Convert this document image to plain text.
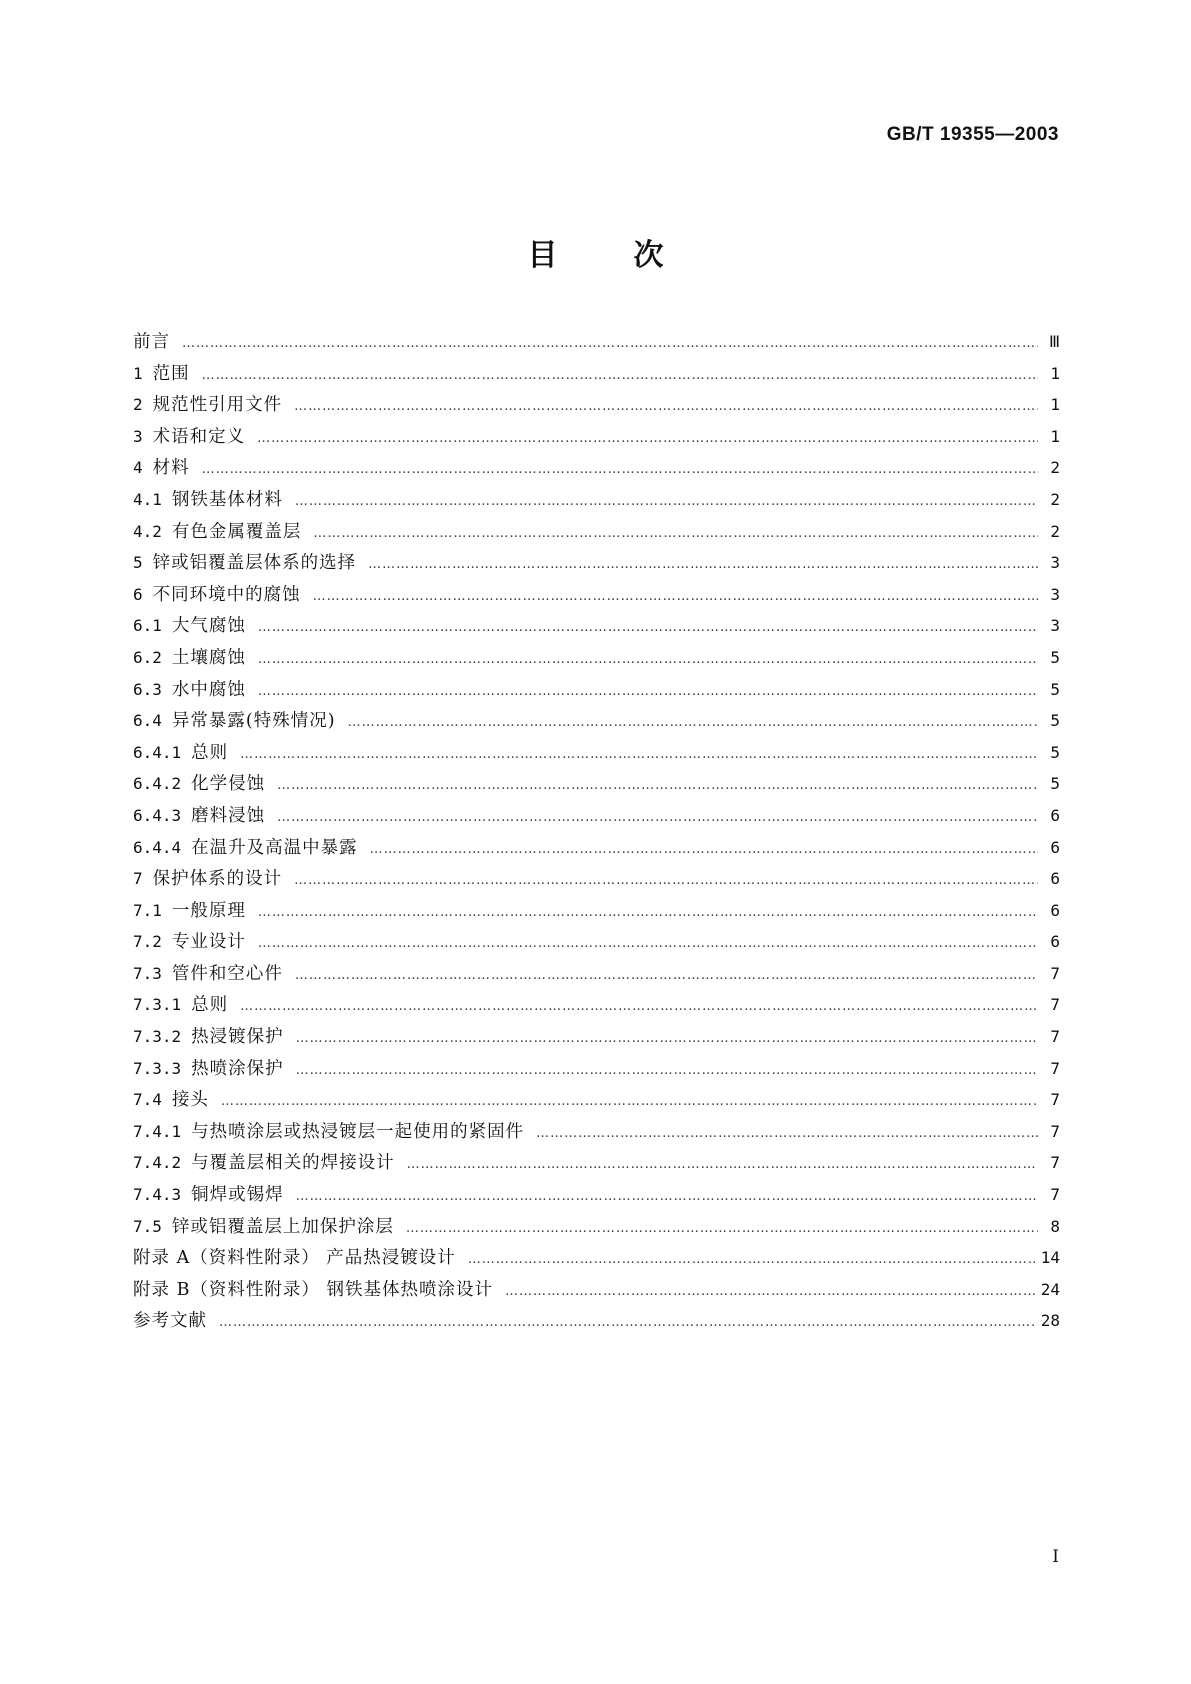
GB/T 19355—2003
目	次
前言 ……………………………………………………………………………………………………………………………………………………………………………………	Ⅲ
1 范围 ……………………………………………………………………………………………………………………………………………………………………………………	1
2 规范性引用文件 ……………………………………………………………………………………………………………………………………………………………………………………	1
3 术语和定义 ……………………………………………………………………………………………………………………………………………………………………………………	1
4 材料 ……………………………………………………………………………………………………………………………………………………………………………………	2
4.1 钢铁基体材料 ……………………………………………………………………………………………………………………………………………………………………………………	2
4.2 有色金属覆盖层 ……………………………………………………………………………………………………………………………………………………………………………………	2
5 锌或铝覆盖层体系的选择 ……………………………………………………………………………………………………………………………………………………………………………………	3
6 不同环境中的腐蚀 ……………………………………………………………………………………………………………………………………………………………………………………	3
6.1 大气腐蚀 ……………………………………………………………………………………………………………………………………………………………………………………	3
6.2 土壤腐蚀 ……………………………………………………………………………………………………………………………………………………………………………………	5
6.3 水中腐蚀 ……………………………………………………………………………………………………………………………………………………………………………………	5
6.4 异常暴露(特殊情况) ……………………………………………………………………………………………………………………………………………………………………………………	5
6.4.1 总则 ……………………………………………………………………………………………………………………………………………………………………………………	5
6.4.2 化学侵蚀 ……………………………………………………………………………………………………………………………………………………………………………………	5
6.4.3 磨料浸蚀 ……………………………………………………………………………………………………………………………………………………………………………………	6
6.4.4 在温升及高温中暴露 ……………………………………………………………………………………………………………………………………………………………………………………	6
7 保护体系的设计 ……………………………………………………………………………………………………………………………………………………………………………………	6
7.1 一般原理 ……………………………………………………………………………………………………………………………………………………………………………………	6
7.2 专业设计 ……………………………………………………………………………………………………………………………………………………………………………………	6
7.3 管件和空心件 ……………………………………………………………………………………………………………………………………………………………………………………	7
7.3.1 总则 ……………………………………………………………………………………………………………………………………………………………………………………	7
7.3.2 热浸镀保护 ……………………………………………………………………………………………………………………………………………………………………………………	7
7.3.3 热喷涂保护 ……………………………………………………………………………………………………………………………………………………………………………………	7
7.4 接头 ……………………………………………………………………………………………………………………………………………………………………………………	7
7.4.1 与热喷涂层或热浸镀层一起使用的紧固件 ……………………………………………………………………………………………………………………………………………………………………………………	7
7.4.2 与覆盖层相关的焊接设计 ……………………………………………………………………………………………………………………………………………………………………………………	7
7.4.3 铜焊或锡焊 ……………………………………………………………………………………………………………………………………………………………………………………	7
7.5 锌或铝覆盖层上加保护涂层 ……………………………………………………………………………………………………………………………………………………………………………………	8
附录 A（资料性附录） 产品热浸镀设计 ……………………………………………………………………………………………………………………………………………………………………………………	14
附录 B（资料性附录） 钢铁基体热喷涂设计 ……………………………………………………………………………………………………………………………………………………………………………………	24
参考文献 ……………………………………………………………………………………………………………………………………………………………………………………	28
I
